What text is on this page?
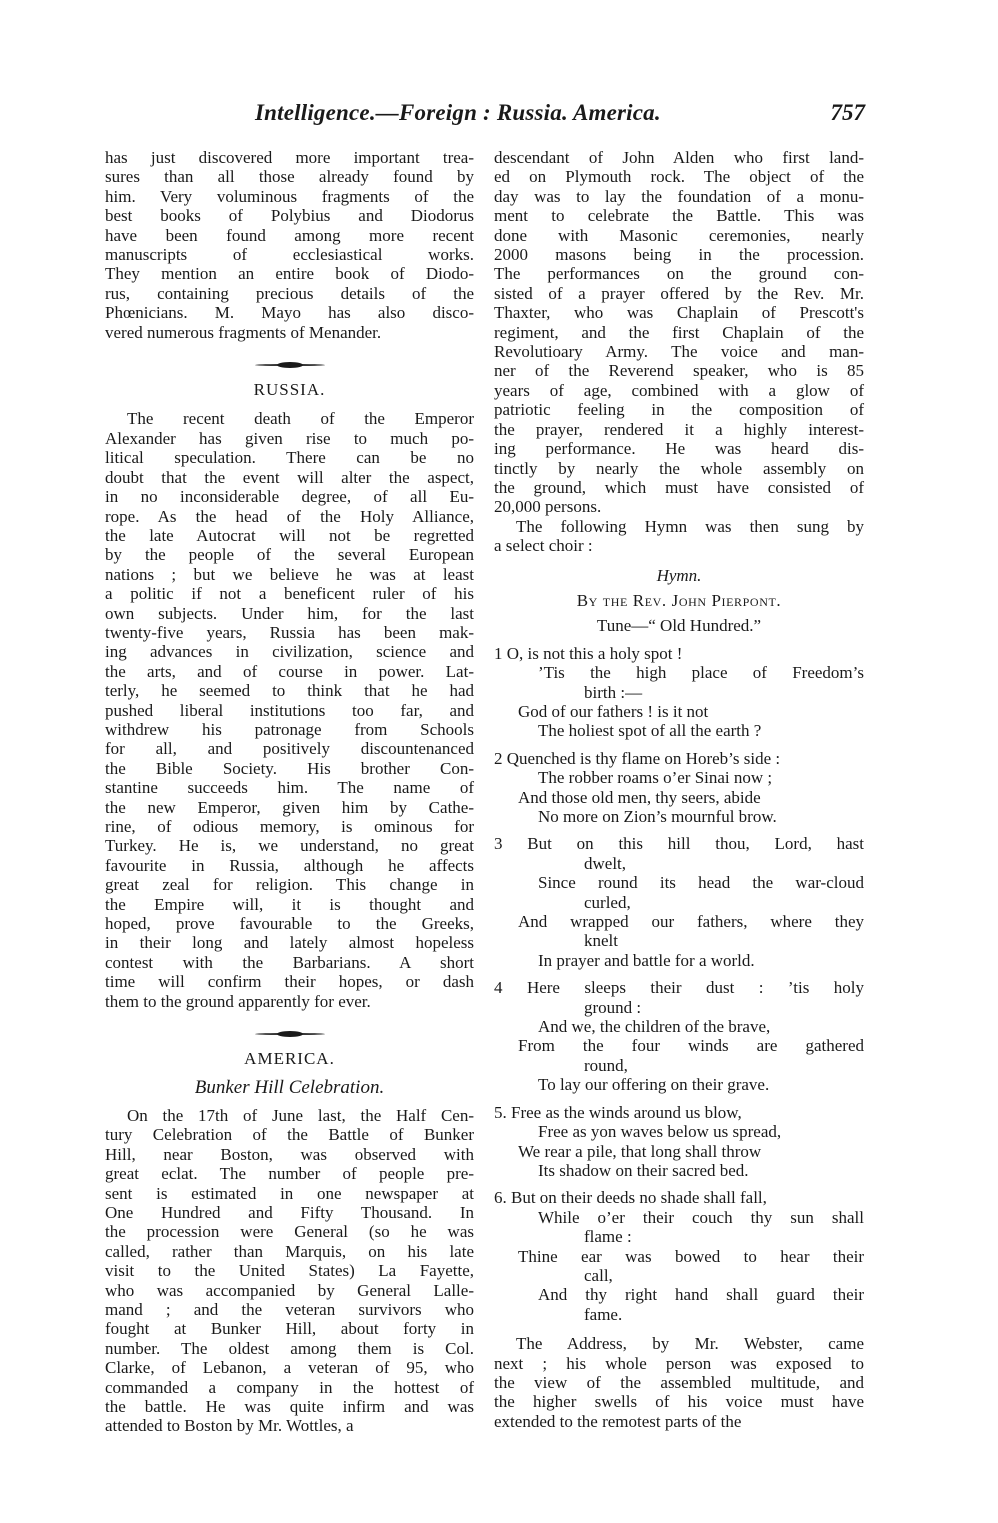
Intelligence.—Foreign : Russia. America.	757
has just discovered more important trea-
sures than all those already found by
him. Very voluminous fragments of the
best books of Polybius and Diodorus
have been found among more recent
manuscripts of ecclesiastical works.
They mention an entire book of Diodo-
rus, containing precious details of the
Phœnicians. M. Mayo has also disco-
vered numerous fragments of Menander.
RUSSIA.
The recent death of the Emperor
Alexander has given rise to much po-
litical speculation. There can be no
doubt that the event will alter the aspect,
in no inconsiderable degree, of all Eu-
rope. As the head of the Holy Alliance,
the late Autocrat will not be regretted
by the people of the several European
nations ; but we believe he was at least
a politic if not a beneficent ruler of his
own subjects. Under him, for the last
twenty-five years, Russia has been mak-
ing advances in civilization, science and
the arts, and of course in power. Lat-
terly, he seemed to think that he had
pushed liberal institutions too far, and
withdrew his patronage from Schools
for all, and positively discountenanced
the Bible Society. His brother Con-
stantine succeeds him. The name of
the new Emperor, given him by Cathe-
rine, of odious memory, is ominous for
Turkey. He is, we understand, no great
favourite in Russia, although he affects
great zeal for religion. This change in
the Empire will, it is thought and
hoped, prove favourable to the Greeks,
in their long and lately almost hopeless
contest with the Barbarians. A short
time will confirm their hopes, or dash
them to the ground apparently for ever.
AMERICA.
Bunker Hill Celebration.
On the 17th of June last, the Half Cen-
tury Celebration of the Battle of Bunker
Hill, near Boston, was observed with
great eclat. The number of people pre-
sent is estimated in one newspaper at
One Hundred and Fifty Thousand. In
the procession were General (so he was
called, rather than Marquis, on his late
visit to the United States) La Fayette,
who was accompanied by General Lalle-
mand ; and the veteran survivors who
fought at Bunker Hill, about forty in
number. The oldest among them is Col.
Clarke, of Lebanon, a veteran of 95, who
commanded a company in the hottest of
the battle. He was quite infirm and was
attended to Boston by Mr. Wottles, a
descendant of John Alden who first land-
ed on Plymouth rock. The object of the
day was to lay the foundation of a monu-
ment to celebrate the Battle. This was
done with Masonic ceremonies, nearly
2000 masons being in the procession.
The performances on the ground con-
sisted of a prayer offered by the Rev. Mr.
Thaxter, who was Chaplain of Prescott's
regiment, and the first Chaplain of the
Revolutioary Army. The voice and man-
ner of the Reverend speaker, who is 85
years of age, combined with a glow of
patriotic feeling in the composition of
the prayer, rendered it a highly interest-
ing performance. He was heard dis-
tinctly by nearly the whole assembly on
the ground, which must have consisted of
20,000 persons.
The following Hymn was then sung by
a select choir :
Hymn.
By the Rev. John Pierpont.
Tune—“ Old Hundred.”
1 O, is not this a holy spot !
’Tis the high place of Freedom’s
birth :—
God of our fathers ! is it not
The holiest spot of all the earth ?
2 Quenched is thy flame on Horeb’s side :
The robber roams o’er Sinai now ;
And those old men, thy seers, abide
No more on Zion’s mournful brow.
3 But on this hill thou, Lord, hast
dwelt,
Since round its head the war-cloud
curled,
And wrapped our fathers, where they
knelt
In prayer and battle for a world.
4 Here sleeps their dust : ’tis holy
ground :
And we, the children of the brave,
From the four winds are gathered
round,
To lay our offering on their grave.
5. Free as the winds around us blow,
Free as yon waves below us spread,
We rear a pile, that long shall throw
Its shadow on their sacred bed.
6. But on their deeds no shade shall fall,
While o’er their couch thy sun shall
flame :
Thine ear was bowed to hear their
call,
And thy right hand shall guard their
fame.
The Address, by Mr. Webster, came
next ; his whole person was exposed to
the view of the assembled multitude, and
the higher swells of his voice must have
extended to the remotest parts of the
